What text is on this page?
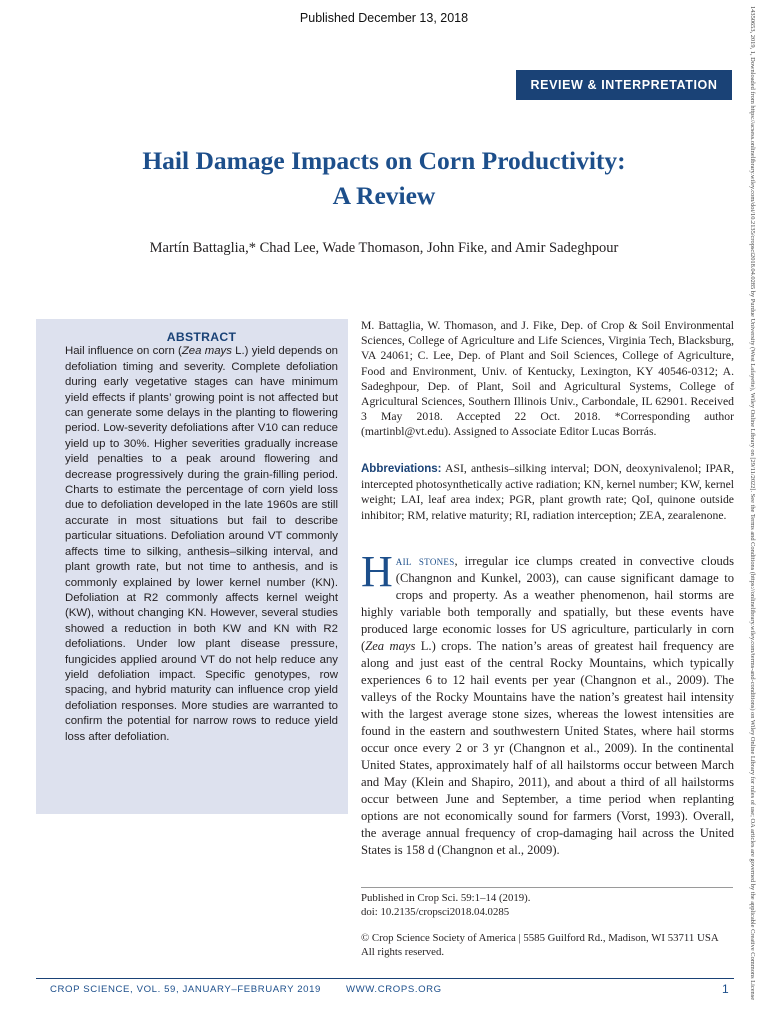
Published December 13, 2018
REVIEW & INTERPRETATION
Hail Damage Impacts on Corn Productivity:
A Review
Martín Battaglia,* Chad Lee, Wade Thomason, John Fike, and Amir Sadeghpour
ABSTRACT
Hail influence on corn (Zea mays L.) yield depends on defoliation timing and severity. Complete defoliation during early vegetative stages can have minimum yield effects if plants’ growing point is not affected but can generate some delays in the planting to flowering period. Low-severity defoliations after V10 can reduce yield up to 30%. Higher severities gradually increase yield penalties to a peak around flowering and decrease progressively during the grain-filling period. Charts to estimate the percentage of corn yield loss due to defoliation developed in the late 1960s are still accurate in most situations but fail to describe particular situations. Defoliation around VT commonly affects time to silking, anthesis–silking interval, and plant growth rate, but not time to anthesis, and is commonly explained by lower kernel number (KN). Defoliation at R2 commonly affects kernel weight (KW), without changing KN. However, several studies showed a reduction in both KW and KN with R2 defoliations. Under low plant disease pressure, fungicides applied around VT do not help reduce any yield defoliation impact. Specific genotypes, row spacing, and hybrid maturity can influence crop yield defoliation responses. More studies are warranted to confirm the potential for narrow rows to reduce yield loss after defoliation.
M. Battaglia, W. Thomason, and J. Fike, Dep. of Crop & Soil Environmental Sciences, College of Agriculture and Life Sciences, Virginia Tech, Blacksburg, VA 24061; C. Lee, Dep. of Plant and Soil Sciences, College of Agriculture, Food and Environment, Univ. of Kentucky, Lexington, KY 40546-0312; A. Sadeghpour, Dep. of Plant, Soil and Agricultural Systems, College of Agricultural Sciences, Southern Illinois Univ., Carbondale, IL 62901. Received 3 May 2018. Accepted 22 Oct. 2018. *Corresponding author (martinbl@vt.edu). Assigned to Associate Editor Lucas Borrás.
Abbreviations: ASI, anthesis–silking interval; DON, deoxynivalenol; IPAR, intercepted photosynthetically active radiation; KN, kernel number; KW, kernel weight; LAI, leaf area index; PGR, plant growth rate; QoI, quinone outside inhibitor; RM, relative maturity; RI, radiation interception; ZEA, zearalenone.
Hail stones, irregular ice clumps created in convective clouds (Changnon and Kunkel, 2003), can cause significant damage to crops and property. As a weather phenomenon, hail storms are highly variable both temporally and spatially, but these events have produced large economic losses for US agriculture, particularly in corn (Zea mays L.) crops. The nation’s areas of greatest hail frequency are along and just east of the central Rocky Mountains, which typically experiences 6 to 12 hail events per year (Changnon et al., 2009). The valleys of the Rocky Mountains have the nation’s greatest hail intensity with the largest average stone sizes, whereas the lowest intensities are found in the eastern and southwestern United States, where hail storms occur once every 2 or 3 yr (Changnon et al., 2009). In the continental United States, approximately half of all hailstorms occur between March and May (Klein and Shapiro, 2011), and about a third of all hailstorms occur between June and September, a time period when replanting options are not economically sound for farmers (Vorst, 1993). Overall, the average annual frequency of crop-damaging hail across the United States is 158 d (Changnon et al., 2009).
Published in Crop Sci. 59:1–14 (2019).
doi: 10.2135/cropsci2018.04.0285
© Crop Science Society of America | 5585 Guilford Rd., Madison, WI 53711 USA
All rights reserved.
CROP SCIENCE, VOL. 59, JANUARY–FEBRUARY 2019	WWW.CROPS.ORG	1	14350653, 2019, 1, Downloaded from https://acsess.onlinelibrary.wiley.com/doi/10.2135/cropsci2018.04.0285 by Purdue University (West Lafayette), Wiley Online Library on [29/11/2022]. See the Terms and Conditions (https://onlinelibrary.wiley.com/terms-and-conditions) on Wiley Online Library for rules of use; OA articles are governed by the applicable Creative Commons License
